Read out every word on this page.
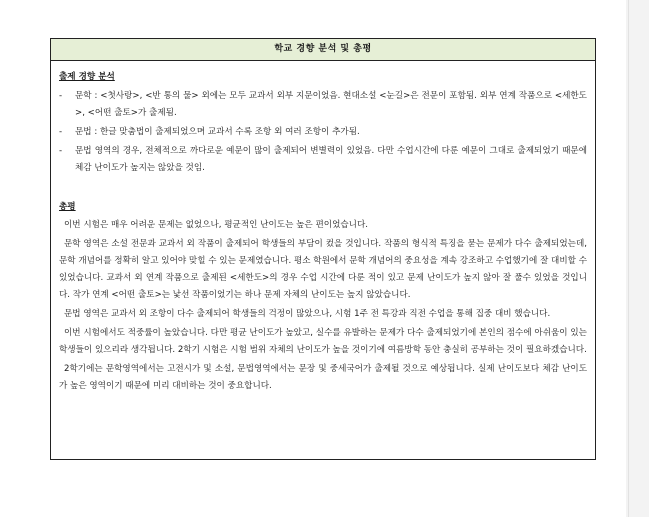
학교 경향 분석 및 총평
출제 경향 분석
-	문학 : <첫사랑>, <반 통의 물> 외에는 모두 교과서 외부 지문이었음. 현대소설 <눈길>은 전문이 포함됨. 외부 연계 작품으로 <세한도>, <어떤 출토>가 출제됨.
-	문법 : 한글 맞춤법이 출제되었으며 교과서 수록 조항 외 여러 조항이 추가됨.
-	문법 영역의 경우, 전체적으로 까다로운 예문이 많이 출제되어 변별력이 있었음. 다만 수업시간에 다룬 예문이 그대로 출제되었기 때문에 체감 난이도가 높지는 않았을 것임.
총평
이번 시험은 매우 어려운 문제는 없었으나, 평균적인 난이도는 높은 편이었습니다.
문학 영역은 소설 전문과 교과서 외 작품이 출제되어 학생들의 부담이 컸을 것입니다. 작품의 형식적 특징을 묻는 문제가 다수 출제되었는데, 문학 개념어를 정확히 알고 있어야 맞힐 수 있는 문제였습니다. 평소 학원에서 문학 개념어의 중요성을 계속 강조하고 수업했기에 잘 대비할 수 있었습니다. 교과서 외 연계 작품으로 출제된 <세한도>의 경우 수업 시간에 다룬 적이 있고 문제 난이도가 높지 않아 잘 풀수 있었을 것입니다. 작가 연계 <어떤 출토>는 낯선 작품이었기는 하나 문제 자체의 난이도는 높지 않았습니다.
문법 영역은 교과서 외 조항이 다수 출제되어 학생들의 걱정이 많았으나, 시험 1주 전 특강과 직전 수업을 통해 집중 대비 했습니다.
이번 시험에서도 적중률이 높았습니다. 다만 평균 난이도가 높았고, 실수를 유발하는 문제가 다수 출제되었기에 본인의 점수에 아쉬움이 있는 학생들이 있으리라 생각됩니다. 2학기 시험은 시험 범위 자체의 난이도가 높을 것이기에 여름방학 동안 충실히 공부하는 것이 필요하겠습니다.
2학기에는 문학영역에서는 고전시가 및 소설, 문법영역에서는 문장 및 중세국어가 출제될 것으로 예상됩니다. 실제 난이도보다 체감 난이도가 높은 영역이기 때문에 미리 대비하는 것이 중요합니다.
